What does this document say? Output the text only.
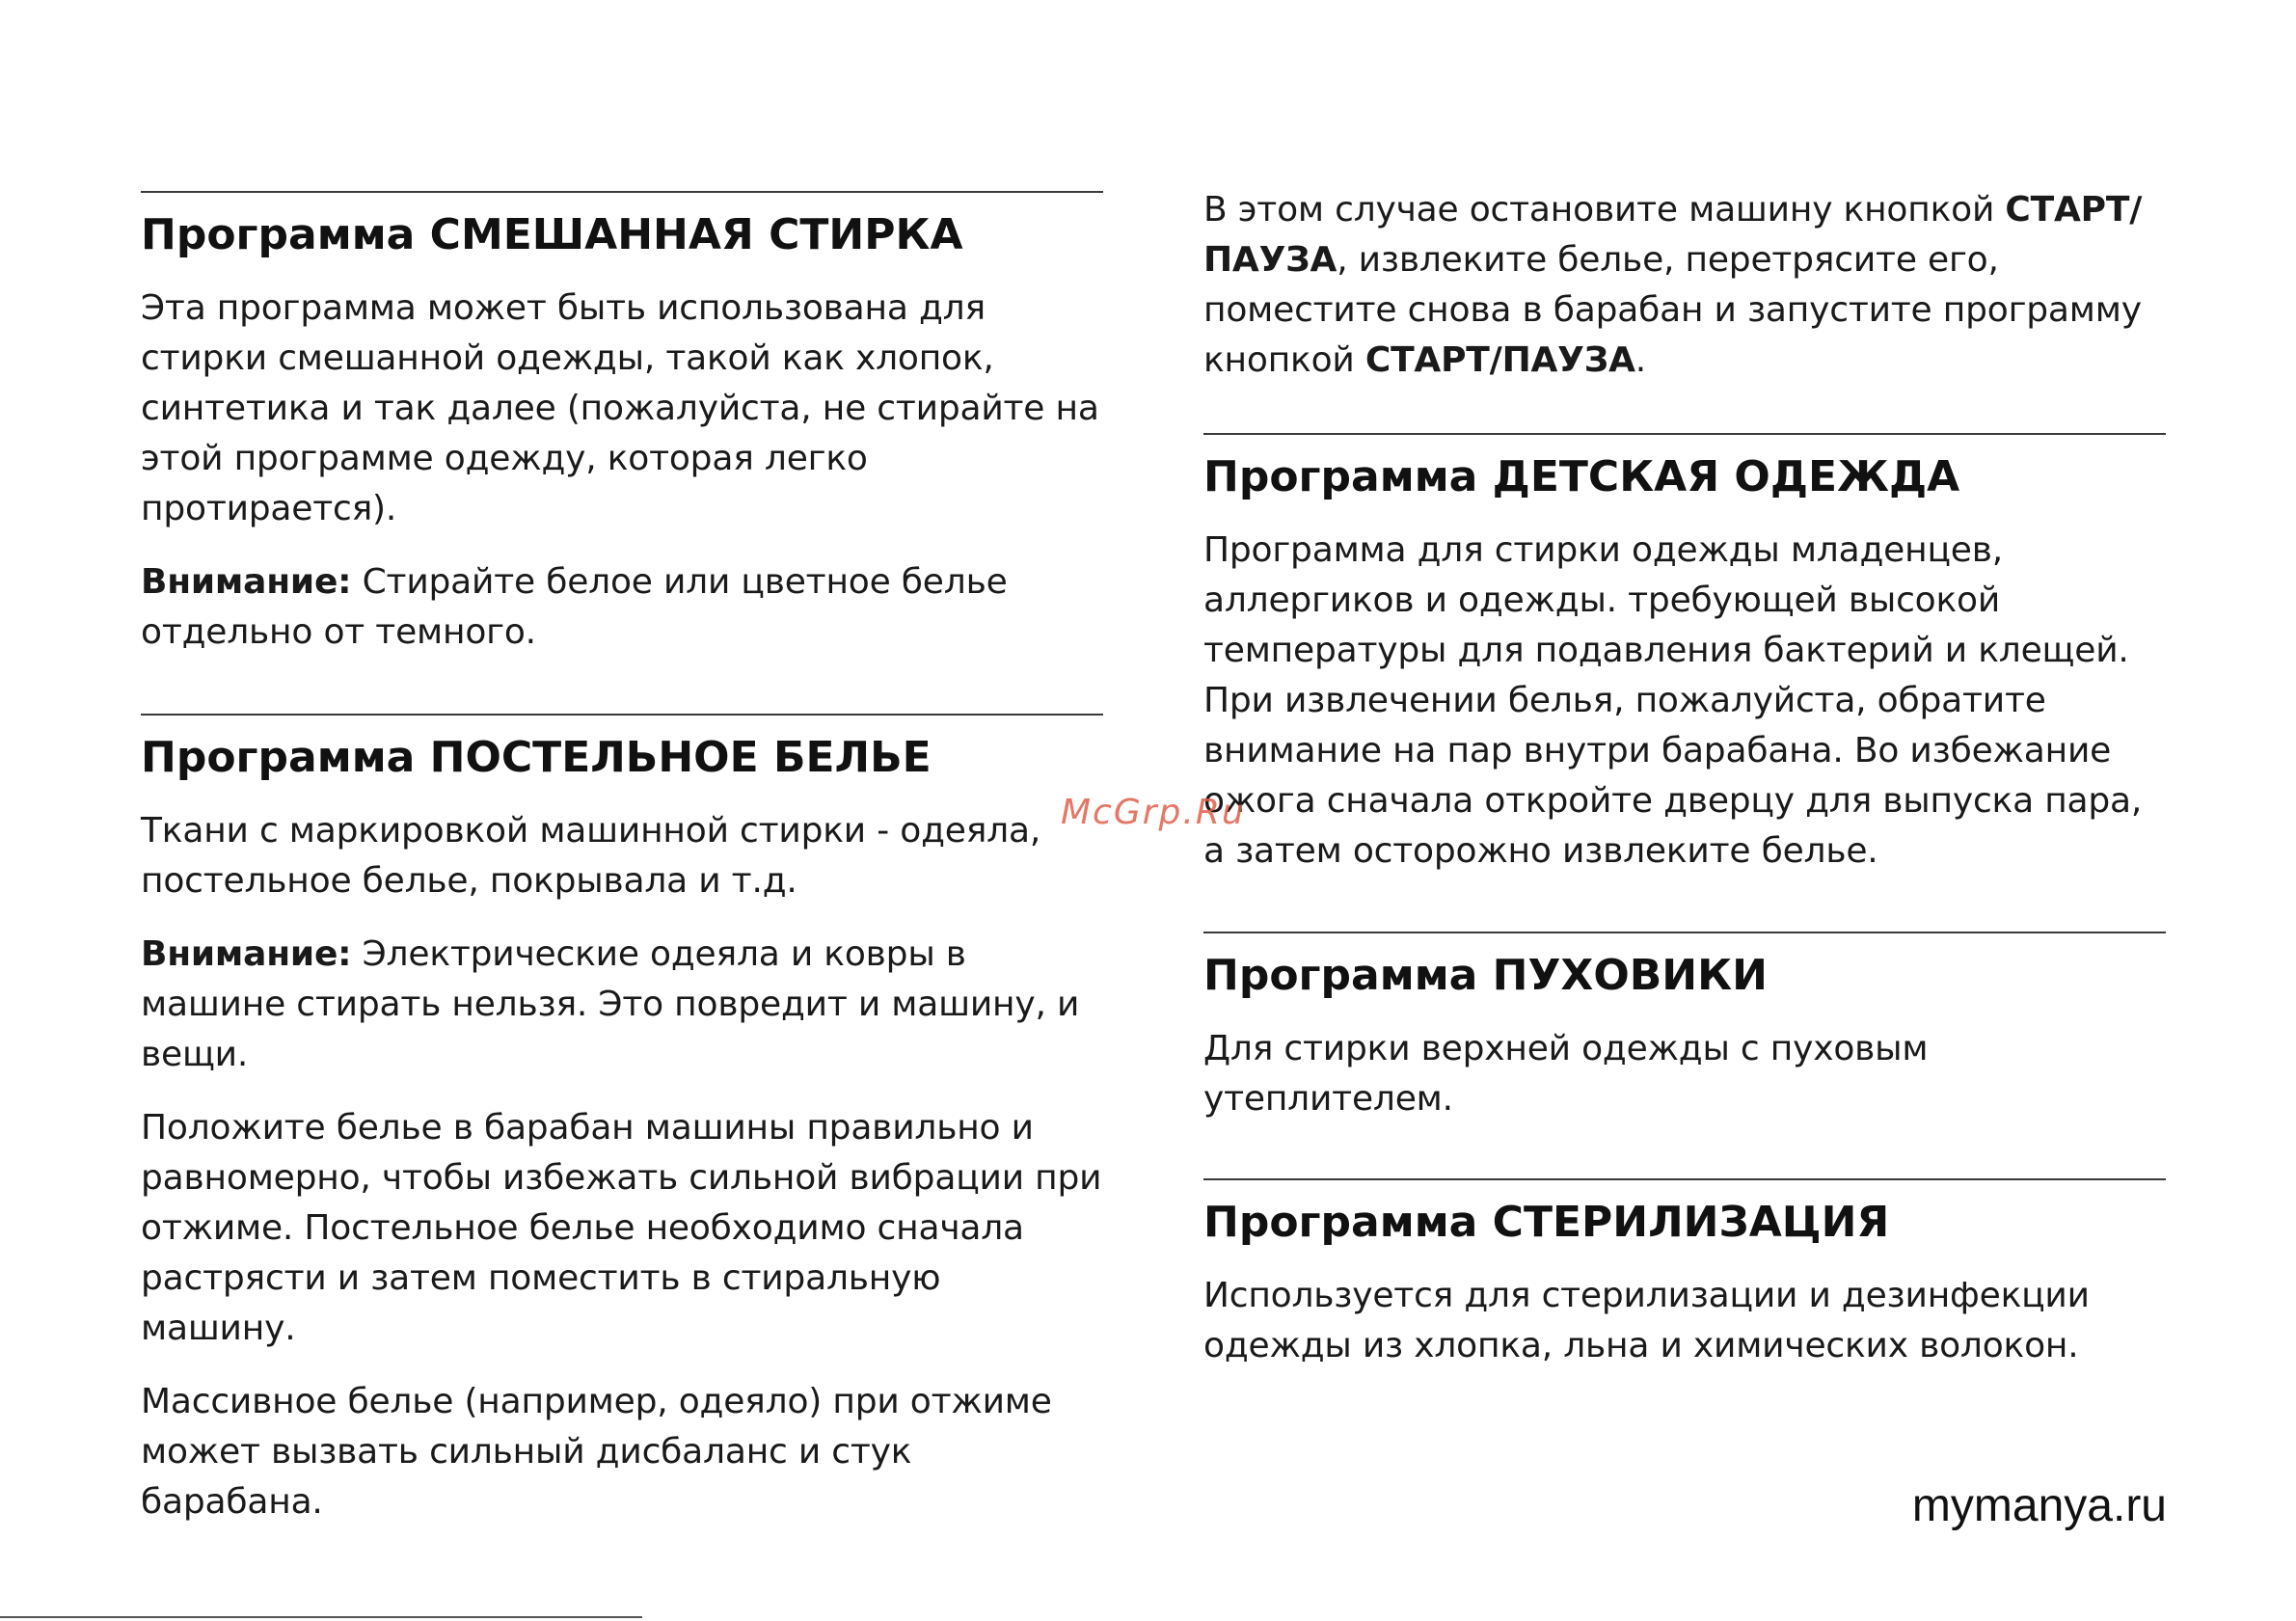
Программа СМЕШАННАЯ СТИРКА

Эта программа может быть использована для стирки смешанной одежды, такой как хлопок, синтетика и так далее (пожалуйста, не стирайте на этой программе одежду, которая легко протирается).

Внимание: Стирайте белое или цветное белье отдельно от темного.

Программа ПОСТЕЛЬНОЕ БЕЛЬЕ

Ткани с маркировкой машинной стирки - одеяла, постельное белье, покрывала и т.д.

Внимание: Электрические одеяла и ковры в машине стирать нельзя. Это повредит и машину, и вещи.

Положите белье в барабан машины правильно и равномерно, чтобы избежать сильной вибрации при отжиме. Постельное белье необходимо сначала растрясти и затем поместить в стиральную машину.

Массивное белье (например, одеяло) при отжиме может вызвать сильный дисбаланс и стук барабана.

В этом случае остановите машину кнопкой СТАРТ/ ПАУЗА, извлеките белье, перетрясите его, поместите снова в барабан и запустите программу кнопкой СТАРТ/ПАУЗА.

Программа ДЕТСКАЯ ОДЕЖДА

Программа для стирки одежды младенцев, аллергиков и одежды. требующей высокой температуры для подавления бактерий и клещей. При извлечении белья, пожалуйста, обратите внимание на пар внутри барабана. Во избежание ожога сначала откройте дверцу для выпуска пара, а затем осторожно извлеките белье.

Программа ПУХОВИКИ

Для стирки верхней одежды с пуховым утеплителем.

Программа СТЕРИЛИЗАЦИЯ

Используется для стерилизации и дезинфекции одежды из хлопка, льна и химических волокон.

McGrp.Ru
mymanya.ru
